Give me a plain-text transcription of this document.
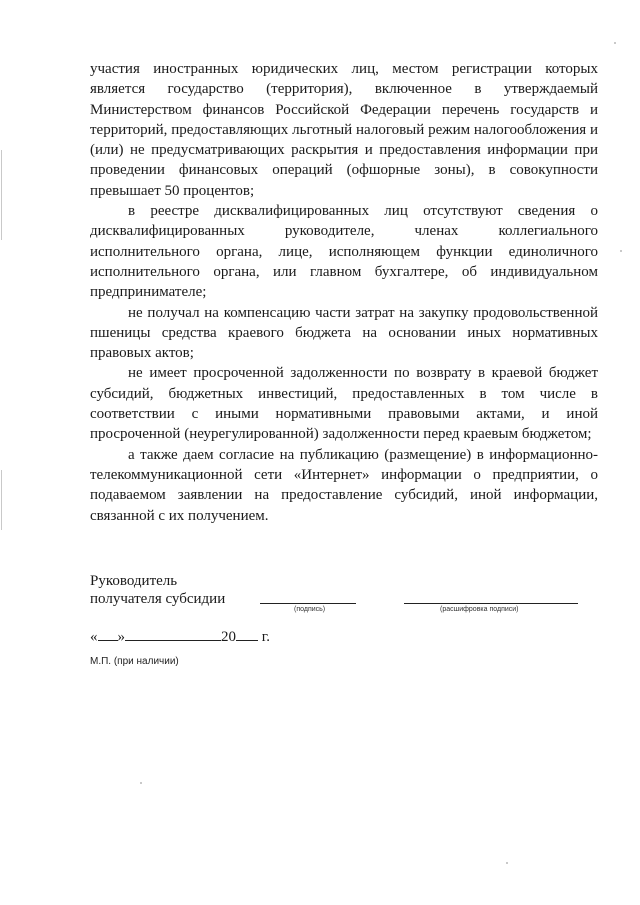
участия иностранных юридических лиц, местом регистрации которых является государство (территория), включенное в утверждаемый Министерством финансов Российской Федерации перечень государств и территорий, предоставляющих льготный налоговый режим налогообложения и (или) не предусматривающих раскрытия и предоставления информации при проведении финансовых операций (офшорные зоны), в совокупности превышает 50 процентов;

в реестре дисквалифицированных лиц отсутствуют сведения о дисквалифицированных руководителе, членах коллегиального исполнительного органа, лице, исполняющем функции единоличного исполнительного органа, или главном бухгалтере, об индивидуальном предпринимателе;

не получал на компенсацию части затрат на закупку продовольственной пшеницы средства краевого бюджета на основании иных нормативных правовых актов;

не имеет просроченной задолженности по возврату в краевой бюджет субсидий, бюджетных инвестиций, предоставленных в том числе в соответствии с иными нормативными правовыми актами, и иной просроченной (неурегулированной) задолженности перед краевым бюджетом;

а также даем согласие на публикацию (размещение) в информационно-телекоммуникационной сети «Интернет» информации о предприятии, о подаваемом заявлении на предоставление субсидий, иной информации, связанной с их получением.

Руководитель
получателя субсидии
(подпись)	(расшифровка подписи)
« »	20 г.
М.П. (при наличии)
